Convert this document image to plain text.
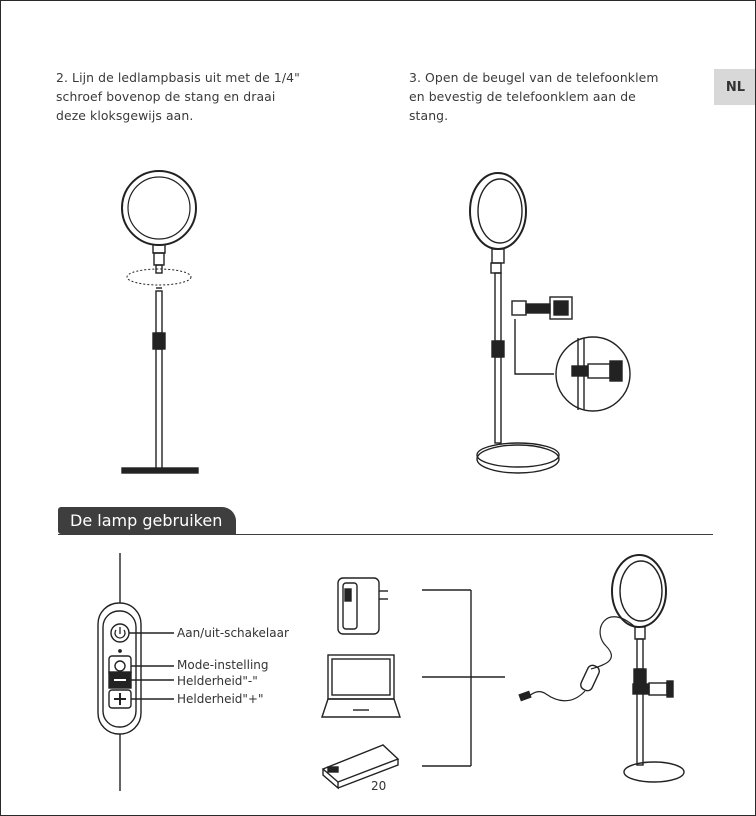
2. Lijn de ledlampbasis uit met de 1/4"
schroef bovenop de stang en draai
deze kloksgewijs aan.
3. Open de beugel van de telefoonklem
en bevestig de telefoonklem aan de
stang.
NL
De lamp gebruiken
Aan/uit-schakelaar
Mode-instelling
Helderheid"-"
Helderheid"+"
20
